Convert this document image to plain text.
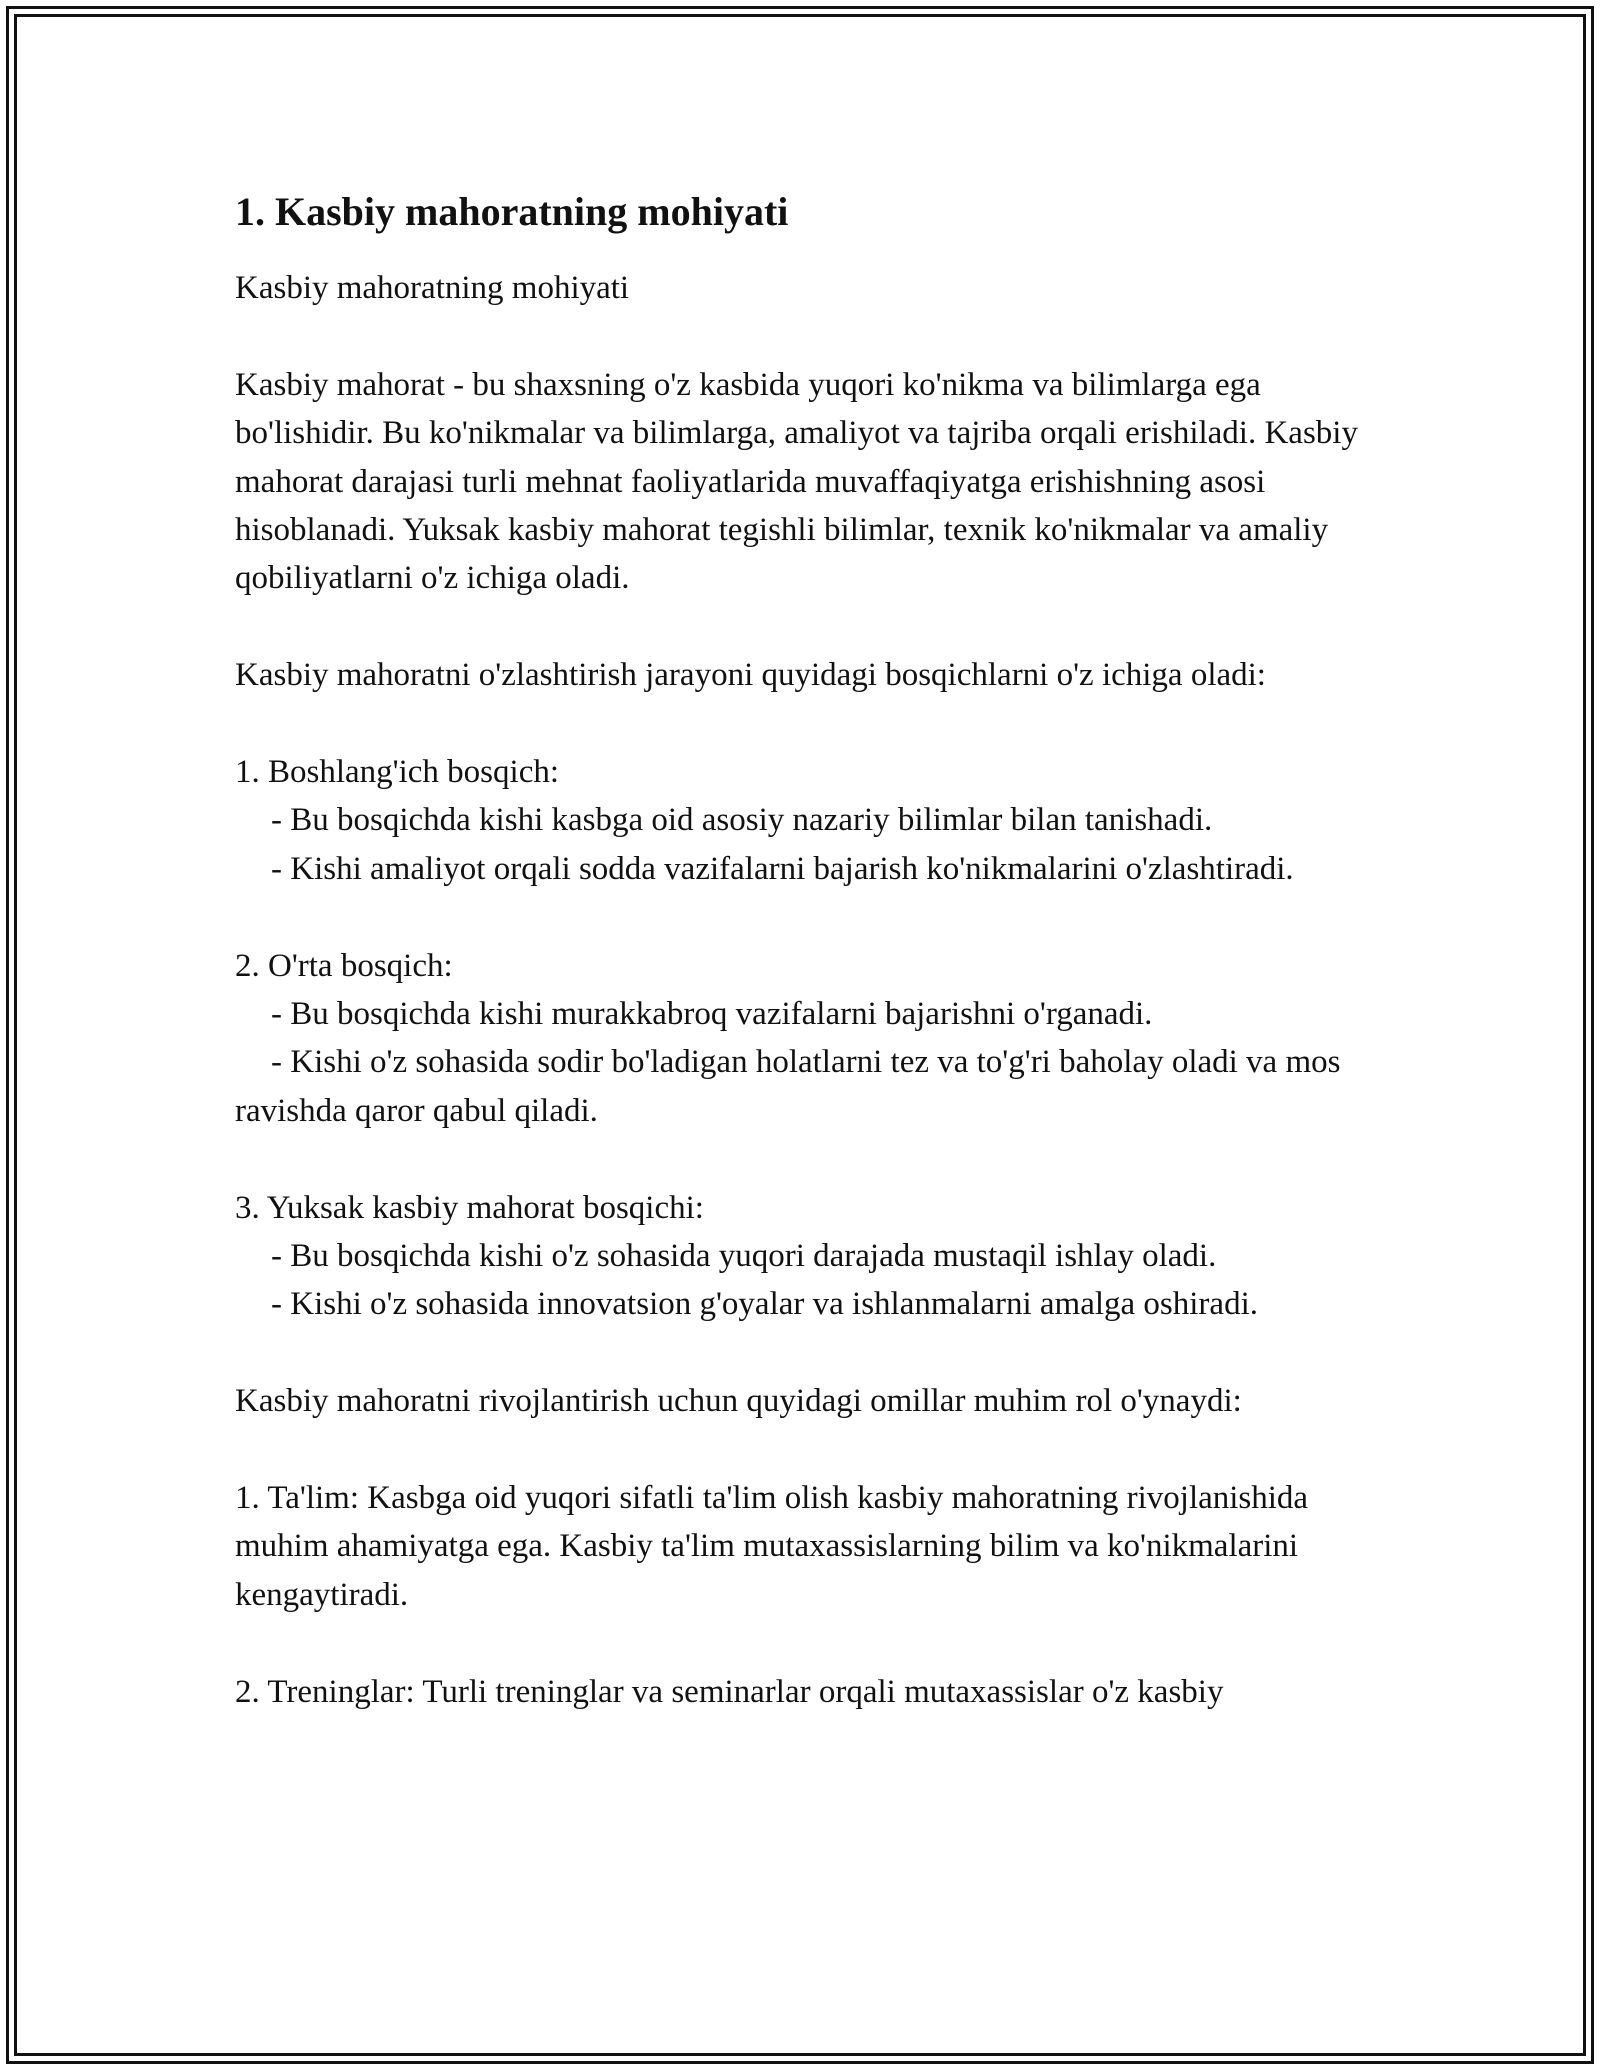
1. Kasbiy mahoratning mohiyati

Kasbiy mahoratning mohiyati

Kasbiy mahorat - bu shaxsning o'z kasbida yuqori ko'nikma va bilimlarga ega bo'lishidir. Bu ko'nikmalar va bilimlarga, amaliyot va tajriba orqali erishiladi. Kasbiy mahorat darajasi turli mehnat faoliyatlarida muvaffaqiyatga erishishning asosi hisoblanadi. Yuksak kasbiy mahorat tegishli bilimlar, texnik ko'nikmalar va amaliy qobiliyatlarni o'z ichiga oladi.

Kasbiy mahoratni o'zlashtirish jarayoni quyidagi bosqichlarni o'z ichiga oladi:

1. Boshlang'ich bosqich:

- Bu bosqichda kishi kasbga oid asosiy nazariy bilimlar bilan tanishadi.

- Kishi amaliyot orqali sodda vazifalarni bajarish ko'nikmalarini o'zlashtiradi.

2. O'rta bosqich:

- Bu bosqichda kishi murakkabroq vazifalarni bajarishni o'rganadi.

- Kishi o'z sohasida sodir bo'ladigan holatlarni tez va to'g'ri baholay oladi va mos ravishda qaror qabul qiladi.

3. Yuksak kasbiy mahorat bosqichi:

- Bu bosqichda kishi o'z sohasida yuqori darajada mustaqil ishlay oladi.

- Kishi o'z sohasida innovatsion g'oyalar va ishlanmalarni amalga oshiradi.

Kasbiy mahoratni rivojlantirish uchun quyidagi omillar muhim rol o'ynaydi:

1. Ta'lim: Kasbga oid yuqori sifatli ta'lim olish kasbiy mahoratning rivojlanishida muhim ahamiyatga ega. Kasbiy ta'lim mutaxassislarning bilim va ko'nikmalarini kengaytiradi.

2. Treninglar: Turli treninglar va seminarlar orqali mutaxassislar o'z kasbiy
